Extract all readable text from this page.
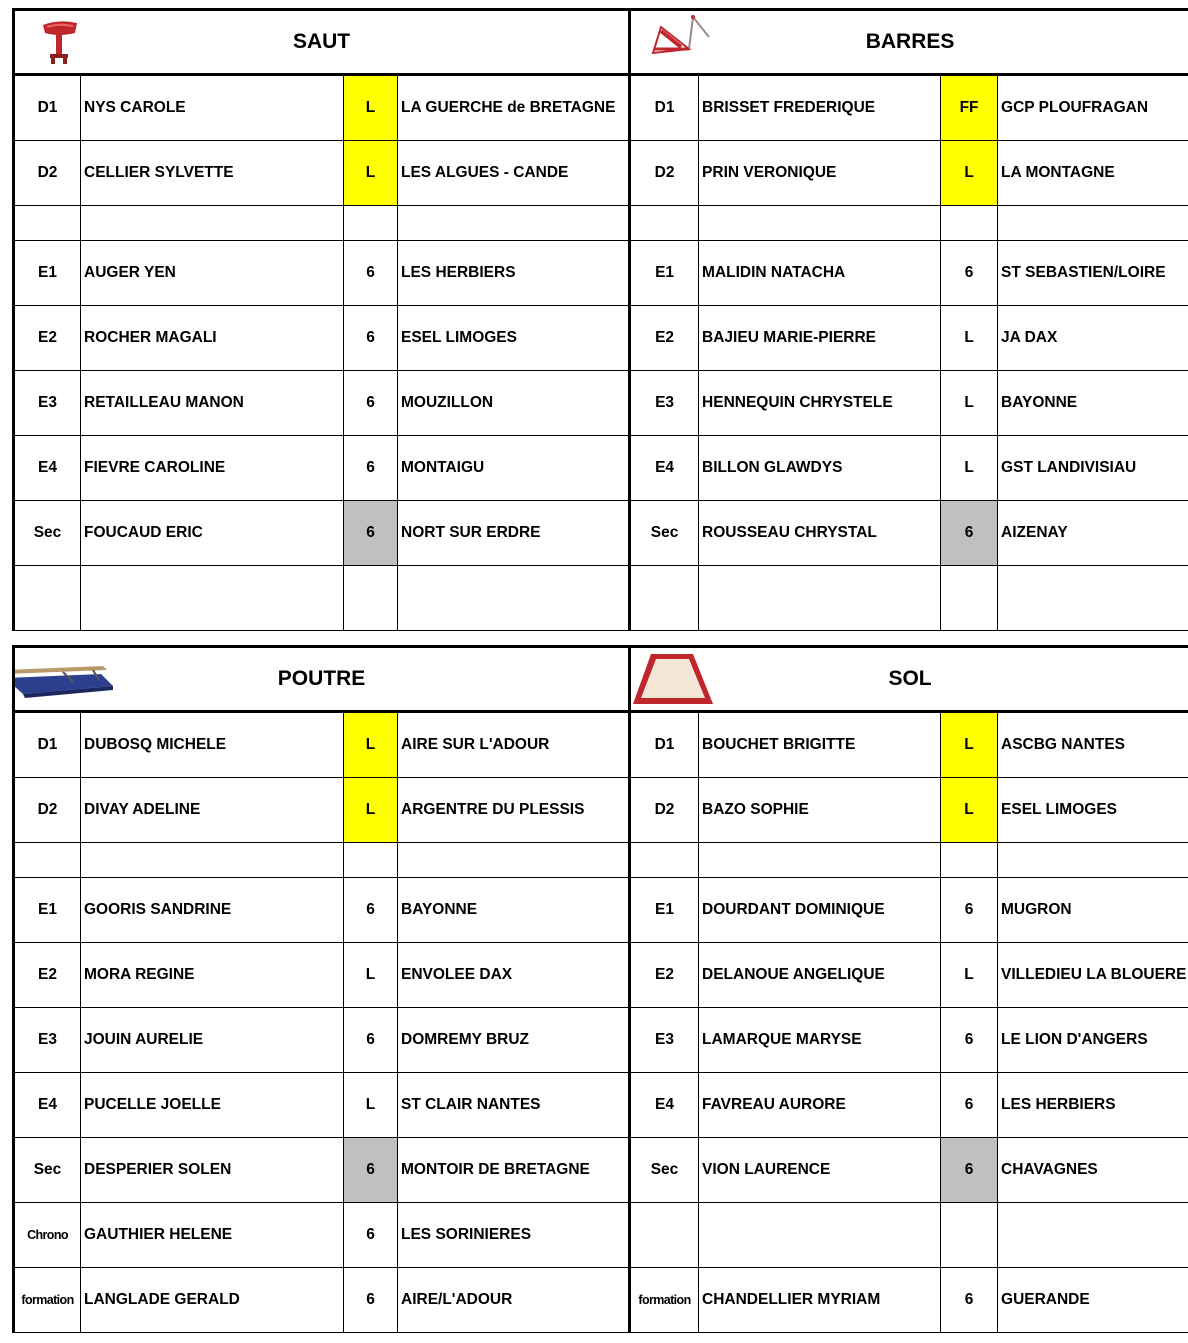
SAUT				BARRES			
D1	NYS CAROLE	L	LA GUERCHE de BRETAGNE	D1	BRISSET FREDERIQUE	FF	GCP PLOUFRAGAN
D2	CELLIER SYLVETTE	L	LES ALGUES - CANDE	D2	PRIN VERONIQUE	L	LA MONTAGNE

E1	AUGER YEN	6	LES HERBIERS	E1	MALIDIN NATACHA	6	ST SEBASTIEN/LOIRE
E2	ROCHER MAGALI	6	ESEL LIMOGES	E2	BAJIEU MARIE-PIERRE	L	JA DAX
E3	RETAILLEAU MANON	6	MOUZILLON	E3	HENNEQUIN CHRYSTELE	L	BAYONNE
E4	FIEVRE CAROLINE	6	MONTAIGU	E4	BILLON GLAWDYS	L	GST LANDIVISIAU
Sec	FOUCAUD ERIC	6	NORT SUR ERDRE	Sec	ROUSSEAU CHRYSTAL	6	AIZENAY

POUTRE				SOL			
D1	DUBOSQ MICHELE	L	AIRE SUR L'ADOUR	D1	BOUCHET BRIGITTE	L	ASCBG NANTES
D2	DIVAY ADELINE	L	ARGENTRE DU PLESSIS	D2	BAZO SOPHIE	L	ESEL LIMOGES

E1	GOORIS SANDRINE	6	BAYONNE	E1	DOURDANT DOMINIQUE	6	MUGRON
E2	MORA REGINE	L	ENVOLEE DAX	E2	DELANOUE ANGELIQUE	L	VILLEDIEU LA BLOUERE
E3	JOUIN AURELIE	6	DOMREMY BRUZ	E3	LAMARQUE MARYSE	6	LE LION D'ANGERS
E4	PUCELLE JOELLE	L	ST CLAIR NANTES	E4	FAVREAU AURORE	6	LES HERBIERS
Sec	DESPERIER SOLEN	6	MONTOIR DE BRETAGNE	Sec	VION LAURENCE	6	CHAVAGNES
Chrono	GAUTHIER HELENE	6	LES SORINIERES				
formation	LANGLADE GERALD	6	AIRE/L'ADOUR	formation	CHANDELLIER MYRIAM	6	GUERANDE
